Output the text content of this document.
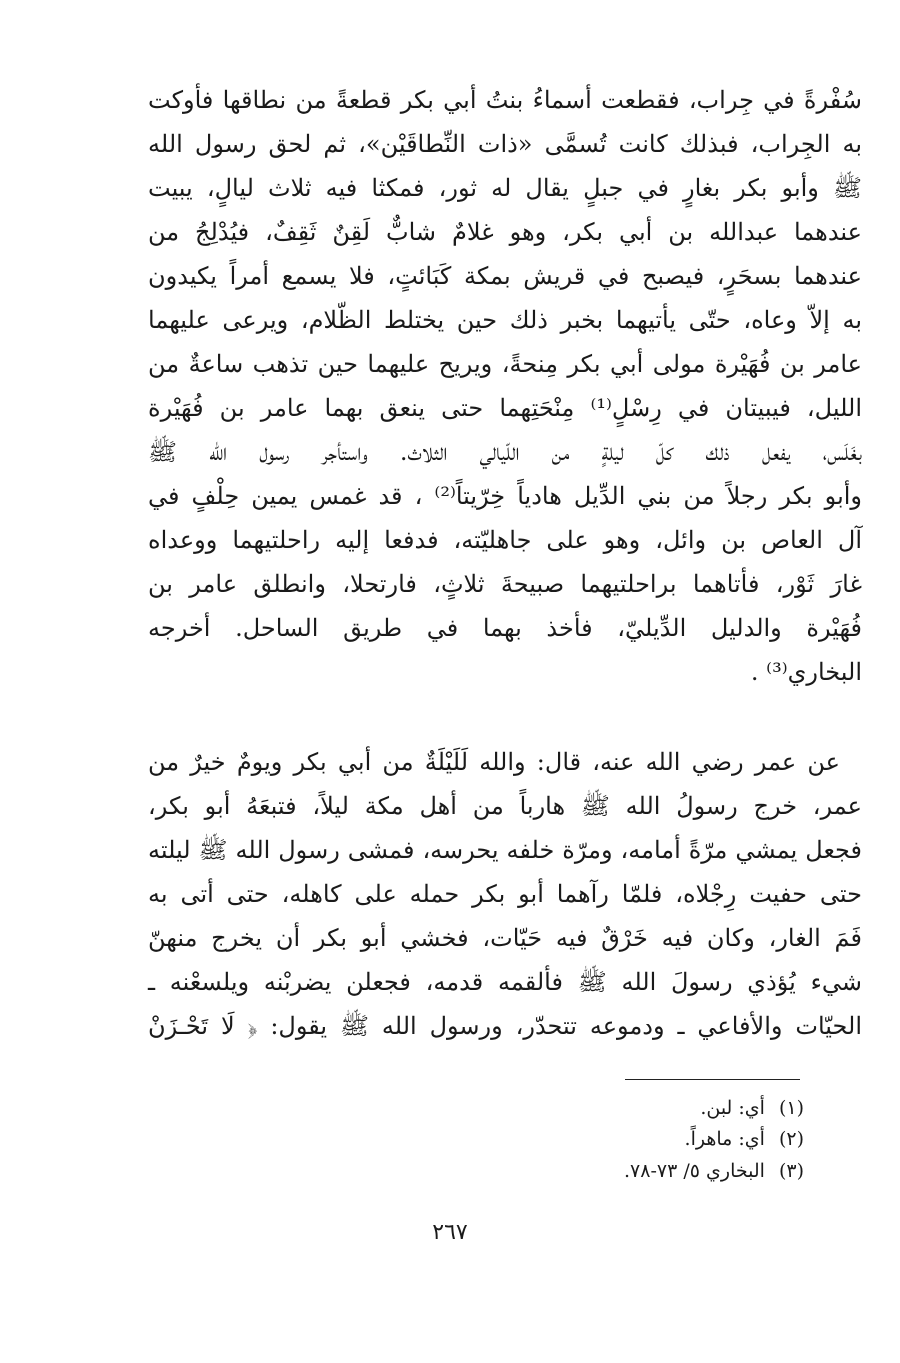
سُفْرةً في جِراب، فقطعت أسماءُ بنتُ أبي بكر قطعةً من نطاقها فأوكت
به الجِراب، فبذلك كانت تُسمَّى «ذات النِّطاقَيْن»، ثم لحق رسول الله
ﷺ وأبو بكر بغارٍ في جبلٍ يقال له ثور، فمكثا فيه ثلاث ليالٍ، يبيت
عندهما عبدالله بن أبي بكر، وهو غلامٌ شابٌّ لَقِنٌ ثَقِفٌ، فيُدْلِجُ من
عندهما بسحَرٍ، فيصبح في قريش بمكة كَبَائتٍ، فلا يسمع أمراً يكيدون
به إلاّ وعاه، حتّى يأتيهما بخبر ذلك حين يختلط الظّلام، ويرعى عليهما
عامر بن فُهَيْرة مولى أبي بكر مِنحةً، ويريح عليهما حين تذهب ساعةٌ من
الليل، فيبيتان في رِسْلٍ⁽¹⁾ مِنْحَتِهما حتى ينعق بهما عامر بن فُهَيْرة
بغَلَس، يفعل ذلك كلّ ليلةٍ من اللّيالي الثلاث. واستأجر رسول الله ﷺ
وأبو بكر رجلاً من بني الدِّيل هادياً خِرّيتاً⁽²⁾ ، قد غمس يمين حِلْفٍ في
آل العاص بن وائل، وهو على جاهليّته، فدفعا إليه راحلتيهما ووعداه
غارَ ثَوْر، فأتاهما براحلتيهما صبيحةَ ثلاثٍ، فارتحلا، وانطلق عامر بن
فُهَيْرة والدليل الدِّيليّ، فأخذ بهما في طريق الساحل. أخرجه
البخاري⁽³⁾ .
عن عمر رضي الله عنه، قال: والله لَلَيْلَةٌ من أبي بكر ويومٌ خيرٌ من
عمر، خرج رسولُ الله ﷺ هارباً من أهل مكة ليلاً، فتبعَهُ أبو بكر،
فجعل يمشي مرّةً أمامه، ومرّة خلفه يحرسه، فمشى رسول الله ﷺ ليلته
حتى حفيت رِجْلاه، فلمّا رآهما أبو بكر حمله على كاهله، حتى أتى به
فَمَ الغار، وكان فيه خَرْقٌ فيه حَيّات، فخشي أبو بكر أن يخرج منهنّ
شيء يُؤذي رسولَ الله ﷺ فألقمه قدمه، فجعلن يضربْنه ويلسعْنه ـ
الحيّات والأفاعي ـ ودموعه تتحدّر، ورسول الله ﷺ يقول: ﴿ لَا تَحْـزَنْ
(١)أي: لبن.
(٢)أي: ماهراً.
(٣)البخاري ٥/ ٧٣-٧٨.
٢٦٧
